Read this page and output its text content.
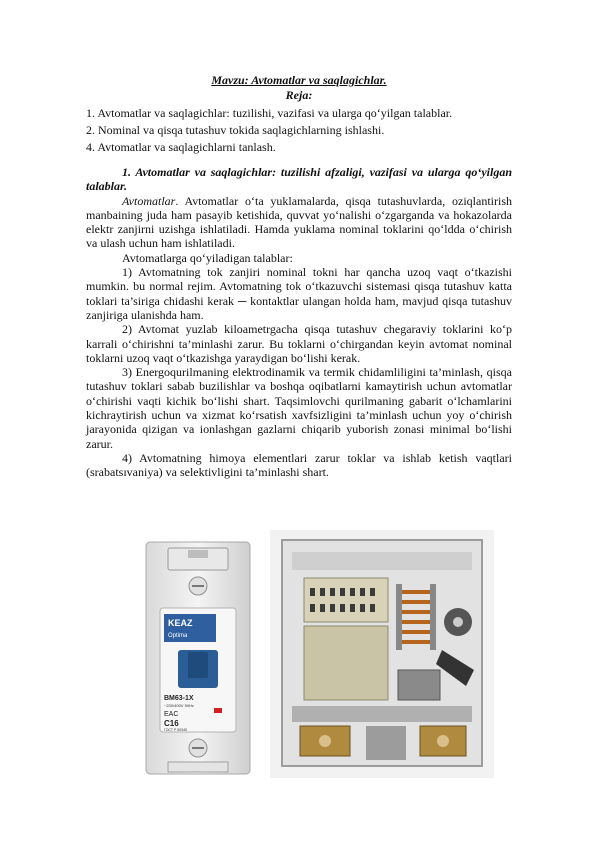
Mavzu: Avtomatlar va saqlagichlar.
Reja:
1. Avtomatlar va saqlagichlar: tuzilishi, vazifasi va ularga qo‘yilgan talablar.
2. Nominal va qisqa tutashuv tokida saqlagichlarning ishlashi.
4. Avtomatlar va saqlagichlarni tanlash.

1. Avtomatlar va saqlagichlar: tuzilishi afzaligi, vazifasi va ularga qo‘yilgan talablar.

Avtomatlar. Avtomatlar o‘ta yuklamalarda, qisqa tutashuvlarda, oziqlantirish manbaining juda ham pasayib ketishida, quvvat yo‘nalishi o‘zgarganda va hokazolarda elektr zanjirni uzishga ishlatiladi. Hamda yuklama nominal toklarini qo‘ldda o‘chirish va ulash uchun ham ishlatiladi.

Avtomatlarga qo‘yiladigan talablar:

1) Avtomatning tok zanjiri nominal tokni har qancha uzoq vaqt o‘tkazishi mumkin. bu normal rejim. Avtomatning tok o‘tkazuvchi sistemasi qisqa tutashuv katta toklari ta’siriga chidashi kerak ─ kontaktlar ulangan holda ham, mavjud qisqa tutashuv zanjiriga ulanishda ham.

2) Avtomat yuzlab kiloametrgacha qisqa tutashuv chegaraviy toklarini ko‘p karrali o‘chirishni ta’minlashi zarur. Bu toklarni o‘chirgandan keyin avtomat nominal toklarni uzoq vaqt o‘tkazishga yaraydigan bo‘lishi kerak.

3) Energoqurilmaning elektrodinamik va termik chidamliligini ta’minlash, qisqa tutashuv toklari sabab buzilishlar va boshqa oqibatlarni kamaytirish uchun avtomatlar o‘chirishi vaqti kichik bo‘lishi shart. Taqsimlovchi qurilmaning gabarit o‘lchamlarini kichraytirish uchun va xizmat ko‘rsatish xavfsizligini ta’minlash uchun yoy o‘chirish jarayonida qizigan va ionlashgan gazlarni chiqarib yuborish zonasi minimal bo‘lishi zarur.

4) Avtomatning himoya elementlari zarur toklar va ishlab ketish vaqtlari (srabatsıvaniya) va selektivligini ta’minlashi shart.

KEAZ
Optima
BM63-1X
~230/400V 50Hz
EAC
C16
ГОСТ Р 50345
